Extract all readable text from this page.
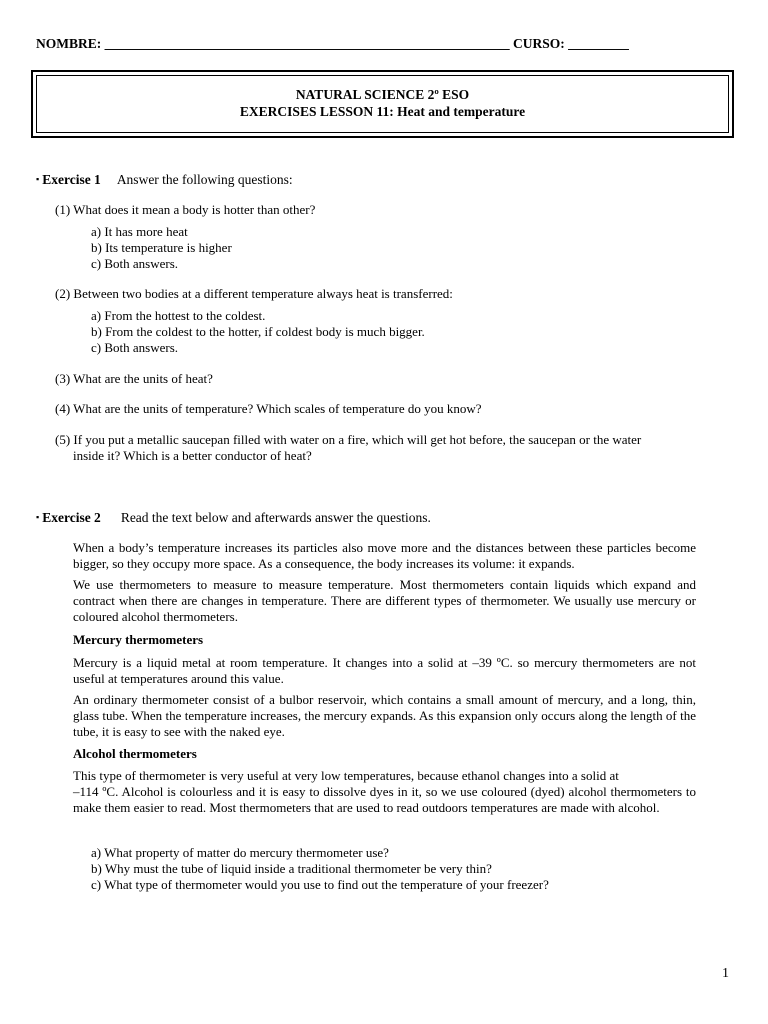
NOMBRE: ____________________________________________________________ CURSO: _________
NATURAL SCIENCE 2º ESO
EXERCISES LESSON 11: Heat and temperature
▪ Exercise 1 Answer the following questions:
(1) What does it mean a body is hotter than other?
a) It has more heat
b) Its temperature is higher
c) Both answers.
(2) Between two bodies at a different temperature always heat is transferred:
a) From the hottest to the coldest.
b) From the coldest to the hotter, if coldest body is much bigger.
c) Both answers.
(3) What are the units of heat?
(4) What are the units of temperature? Which scales of temperature do you know?
(5) If you put a metallic saucepan filled with water on a fire, which will get hot before, the saucepan or the water
inside it? Which is a better conductor of heat?
▪ Exercise 2 Read the text below and afterwards answer the questions.
When a body’s temperature increases its particles also move more and the distances between these particles become bigger, so they occupy more space. As a consequence, the body increases its volume: it expands.
We use thermometers to measure to measure temperature. Most thermometers contain liquids which expand and contract when there are changes in temperature. There are different types of thermometer. We usually use mercury or coloured alcohol thermometers.
Mercury thermometers
Mercury is a liquid metal at room temperature. It changes into a solid at –39 ºC. so mercury thermometers are not useful at temperatures around this value.
An ordinary thermometer consist of a bulbor reservoir, which contains a small amount of mercury, and a long, thin, glass tube. When the temperature increases, the mercury expands. As this expansion only occurs along the length of the tube, it is easy to see with the naked eye.
Alcohol thermometers
This type of thermometer is very useful at very low temperatures, because ethanol changes into a solid at
–114 ºC. Alcohol is colourless and it is easy to dissolve dyes in it, so we use coloured (dyed) alcohol thermometers to make them easier to read. Most thermometers that are used to read outdoors temperatures are made with alcohol.
a) What property of matter do mercury thermometer use?
b) Why must the tube of liquid inside a traditional thermometer be very thin?
c) What type of thermometer would you use to find out the temperature of your freezer?
1
